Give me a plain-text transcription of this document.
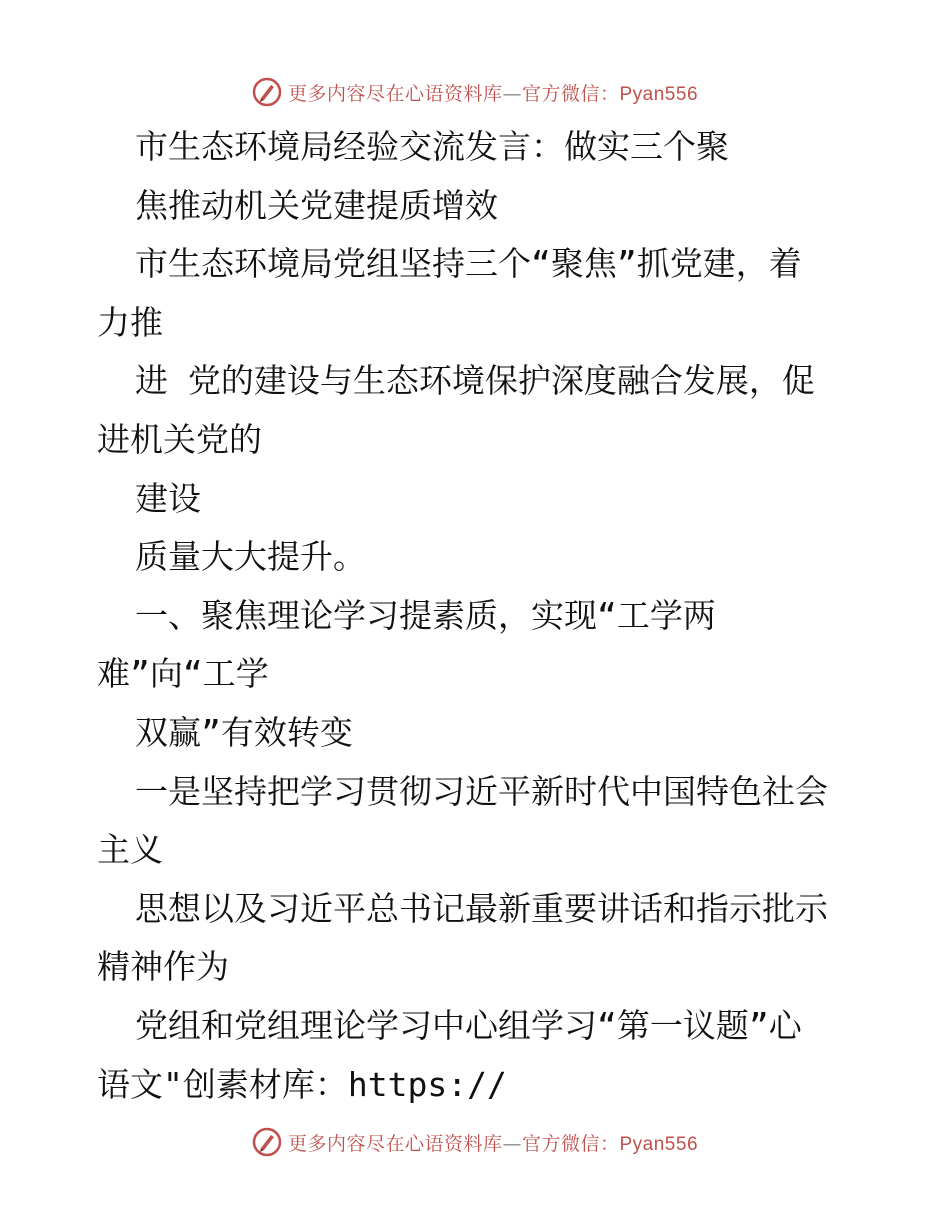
更多内容尽在心语资料库—官方微信：Pyan556
市生态环境局经验交流发言：做实三个聚
焦推动机关党建提质增效
市生态环境局党组坚持三个“聚焦”抓党建，着
力推
进 党的建设与生态环境保护深度融合发展，促
进机关党的
建设
质量大大提升。
一、聚焦理论学习提素质，实现“工学两
难”向“工学
双赢”有效转变
一是坚持把学习贯彻习近平新时代中国特色社会
主义
思想以及习近平总书记最新重要讲话和指示批示
精神作为
党组和党组理论学习中心组学习“第一议题”心
语文"创素材库：https://
更多内容尽在心语资料库—官方微信：Pyan556
